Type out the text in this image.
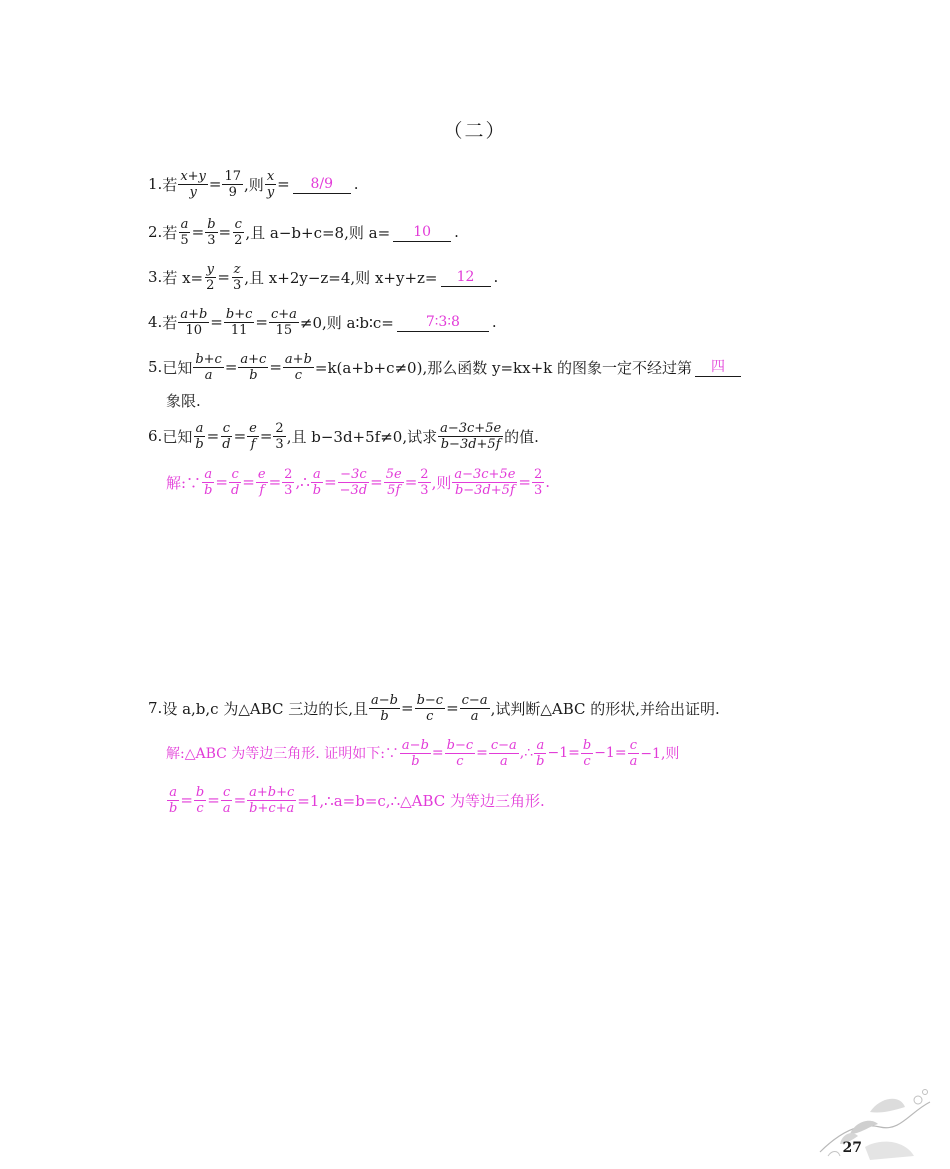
（二）
1. 若 $\frac{x+y}{y} = \frac{17}{9}$ ,则 $\frac{x}{y}$ =	8/9	.
2. 若 $\frac{a}{5} = \frac{b}{3} = \frac{c}{2}$ ,且 a−b+c=8,则 a=	10	.
3. 若 $x= \frac{y}{2} = \frac{z}{3}$ ,且 x+2y−z=4,则 x+y+z=	12	.
4. 若 $\frac{a+b}{10} = \frac{b+c}{11} = \frac{c+a}{15} \ne 0$,则 a∶b∶c=	7∶3∶8	.
5. 已知 $\frac{b+c}{a} = \frac{a+c}{b} = \frac{a+b}{c} =k(a+b+c\ne 0)$,那么函数 y=kx+k 的图象一定不经过第	四
象限.
6. 已知 $\frac{a}{b} = \frac{c}{d} = \frac{e}{f} = \frac{2}{3}$ ,且 b−3d+5f≠0,试求 $\frac{a-3c+5e}{b-3d+5f}$ 的值.
解:∵ $\frac{a}{b} = \frac{c}{d} = \frac{e}{f} = \frac{2}{3}$ ,∴ $\frac{a}{b} = \frac{-3c}{-3d} = \frac{5e}{5f} = \frac{2}{3}$ ,则 $\frac{a-3c+5e}{b-3d+5f} = \frac{2}{3}$ .
7. 设 a,b,c 为△ABC 三边的长,且 $\frac{a-b}{b} = \frac{b-c}{c} = \frac{c-a}{a}$ ,试判断△ABC 的形状,并给出证明.
解:△ABC 为等边三角形. 证明如下:∵ $\frac{a-b}{b} = \frac{b-c}{c} = \frac{c-a}{a}$ ,∴ $\frac{a}{b} -1= \frac{b}{c} -1= \frac{c}{a} -1$,则
$\frac{a}{b} = \frac{b}{c} = \frac{c}{a} = \frac{a+b+c}{b+c+a}$ =1,∴a=b=c,∴△ABC 为等边三角形.
27
